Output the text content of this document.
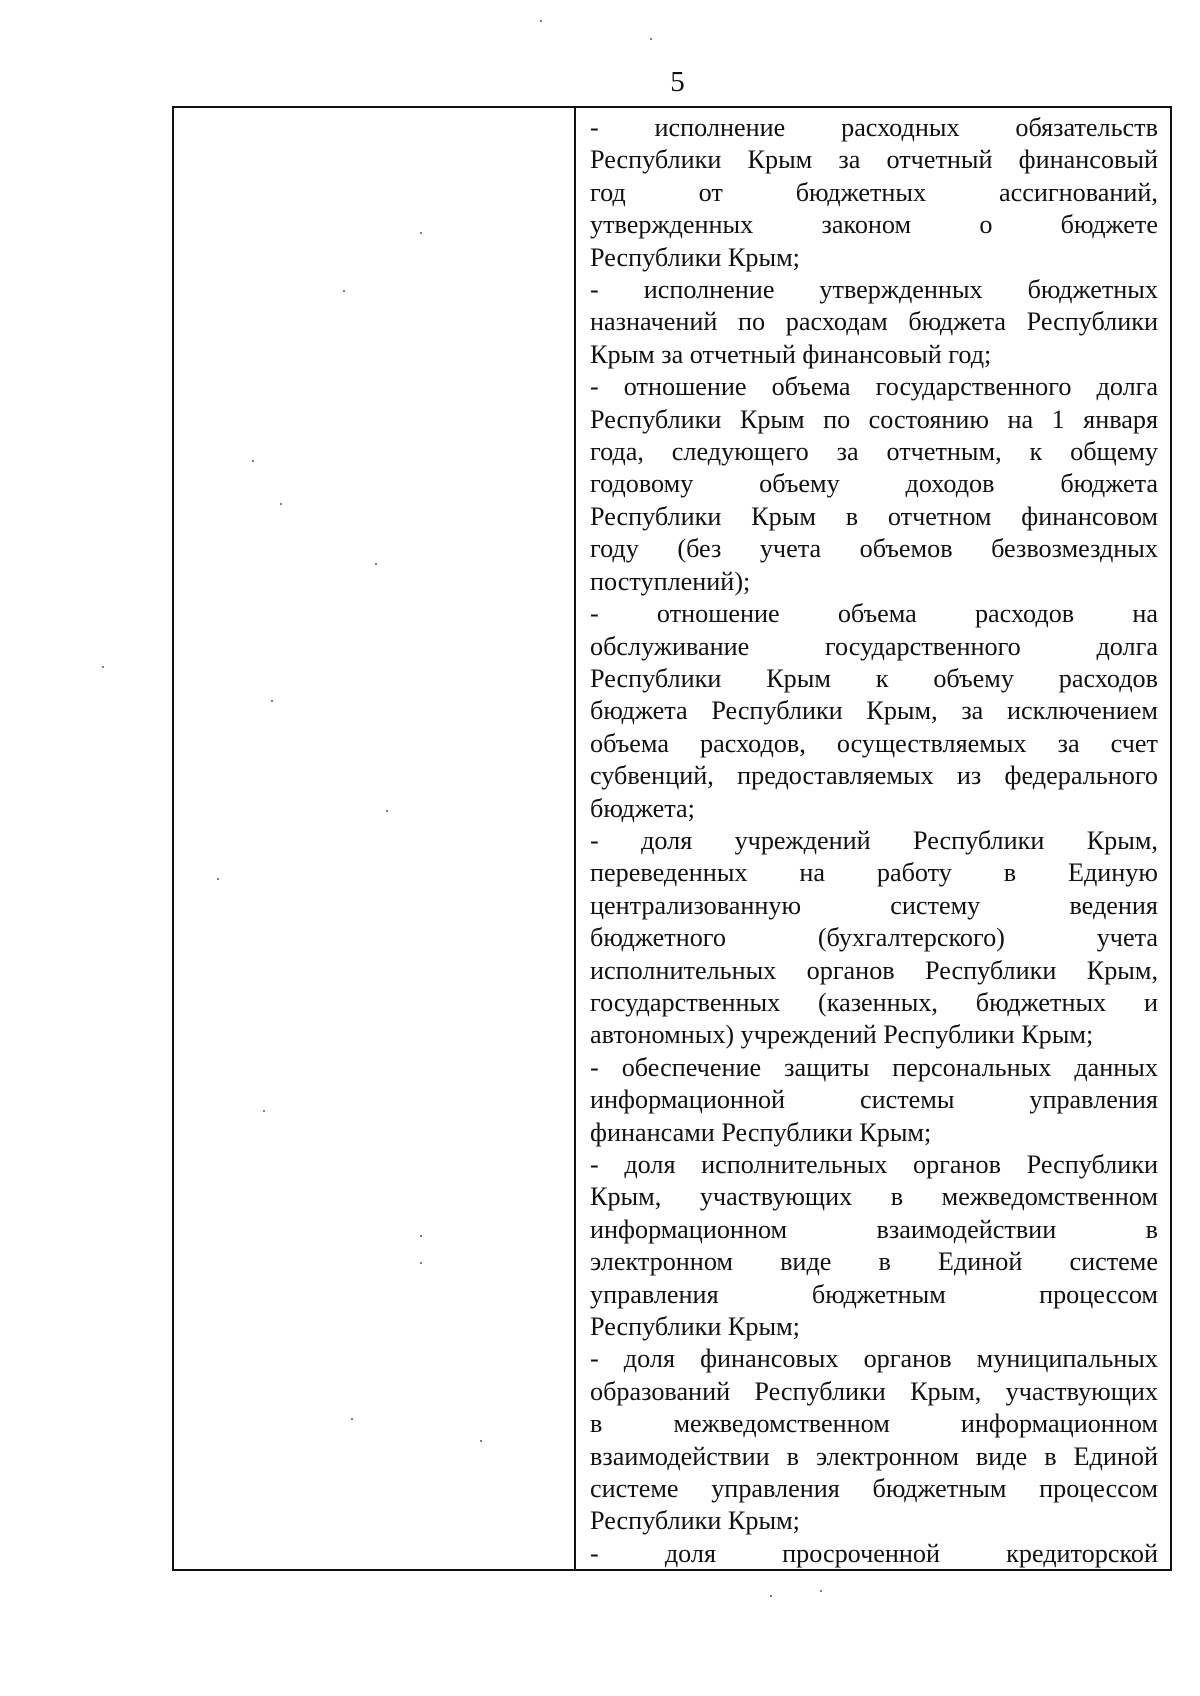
5
- исполнение расходных обязательств
Республики Крым за отчетный финансовый
год	от	бюджетных	ассигнований,
утвержденных	законом	о	бюджете
Республики Крым;
- исполнение утвержденных бюджетных
назначений по расходам бюджета Республики
Крым за отчетный финансовый год;
- отношение объема государственного долга
Республики Крым по состоянию на 1 января
года, следующего за отчетным, к общему
годовому	объему	доходов	бюджета
Республики Крым в отчетном финансовом
году (без учета объемов безвозмездных
поступлений);
- отношение объема расходов на
обслуживание	государственного	долга
Республики Крым к объему расходов
бюджета Республики Крым, за исключением
объема расходов, осуществляемых за счет
субвенций, предоставляемых из федерального
бюджета;
- доля учреждений Республики Крым,
переведенных на работу в Единую
централизованную	систему	ведения
бюджетного	(бухгалтерского)	учета
исполнительных органов Республики Крым,
государственных (казенных, бюджетных и
автономных) учреждений Республики Крым;
- обеспечение защиты персональных данных
информационной	системы	управления
финансами Республики Крым;
- доля исполнительных органов Республики
Крым, участвующих в межведомственном
информационном	взаимодействии	в
электронном виде в Единой системе
управления	бюджетным	процессом
Республики Крым;
- доля финансовых органов муниципальных
образований Республики Крым, участвующих
в	межведомственном	информационном
взаимодействии в электронном виде в Единой
системе управления бюджетным процессом
Республики Крым;
-	доля	просроченной	кредиторской
